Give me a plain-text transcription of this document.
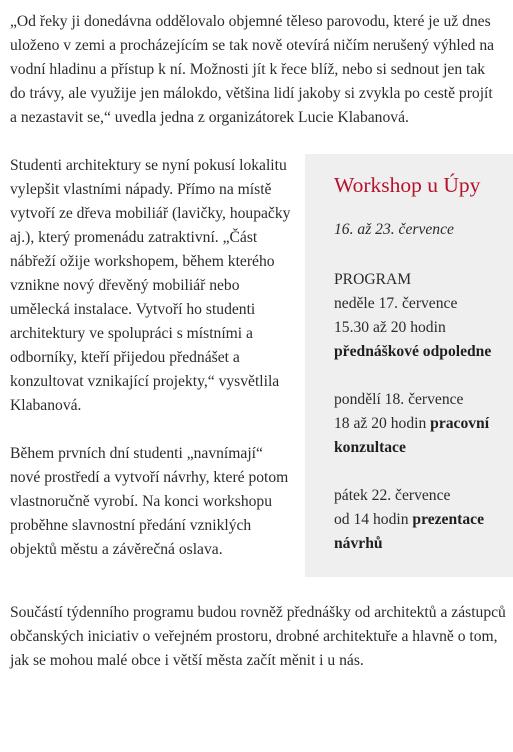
„Od řeky ji donedávna oddělovalo objemné těleso parovodu, které je už dnes uloženo v zemi a procházejícím se tak nově otevírá ničím nerušený výhled na vodní hladinu a přístup k ní. Možnosti jít k řece blíž, nebo si sednout jen tak do trávy, ale využije jen málokdo, většina lidí jakoby si zvykla po cestě projít a nezastavit se,“ uvedla jedna z organizátorek Lucie Klabanová.

Workshop u Úpy
16. až 23. července
PROGRAM
neděle 17. července
15.30 až 20 hodin
přednáškové odpoledne
pondělí 18. července
18 až 20 hodin pracovní konzultace
pátek 22. července
od 14 hodin prezentace návrhů

Studenti architektury se nyní pokusí lokalitu vylepšit vlastními nápady. Přímo na místě vytvoří ze dřeva mobiliář (lavičky, houpačky aj.), který promenádu zatraktivní. „Část nábřeží ožije workshopem, během kterého vznikne nový dřevěný mobiliář nebo umělecká instalace. Vytvoří ho studenti architektury ve spolupráci s místními a odborníky, kteří přijedou přednášet a konzultovat vznikající projekty,“ vysvětlila Klabanová.

Během prvních dní studenti „navnímají“ nové prostředí a vytvoří návrhy, které potom vlastnoručně vyrobí. Na konci workshopu proběhne slavnostní předání vzniklých objektů městu a závěrečná oslava.

Součástí týdenního programu budou rovněž přednášky od architektů a zástupců občanských iniciativ o veřejném prostoru, drobné architektuře a hlavně o tom, jak se mohou malé obce i větší města začít měnit i u nás.
